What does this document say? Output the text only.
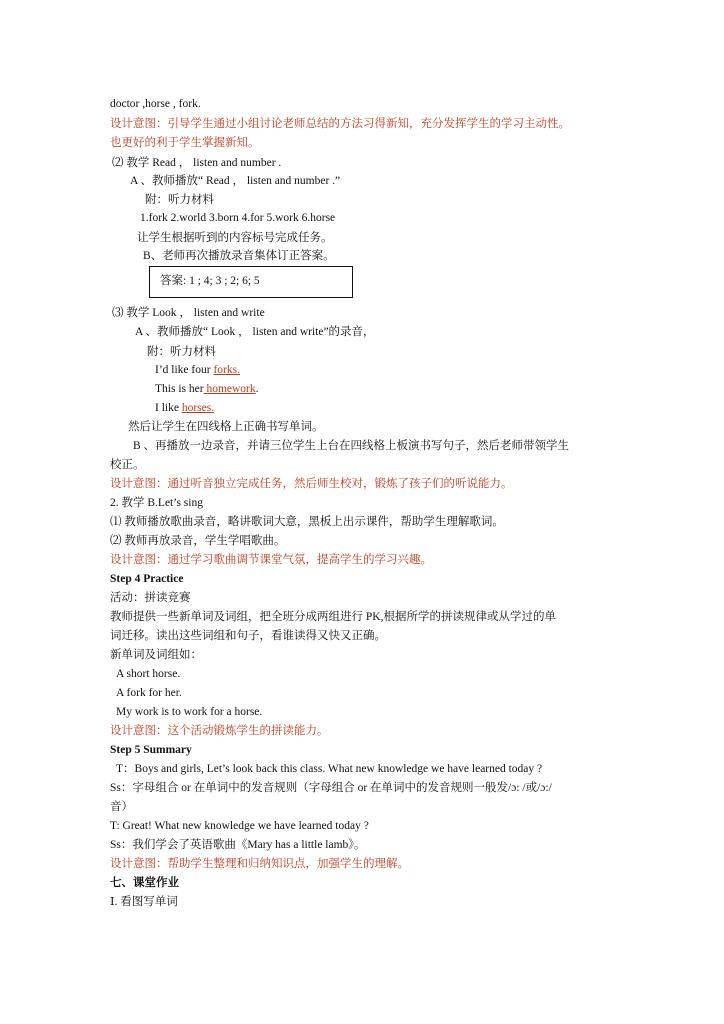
doctor ,horse , fork.
设计意图：引导学生通过小组讨论老师总结的方法习得新知，充分发挥学生的学习主动性。
也更好的利于学生掌握新知。
⑵ 教学 Read ， listen and number .
A 、教师播放“ Read ， listen and number .”
附：听力材料
1.fork 2.world 3.born 4.for 5.work 6.horse
让学生根据听到的内容标号完成任务。
B、老师再次播放录音集体订正答案。
答案: 1 ; 4; 3 ; 2; 6; 5
⑶ 教学 Look ， listen and write
A 、教师播放“ Look ， listen and write”的录音，
附：听力材料
I’d like four forks.
This is her homework.
I like horses.
然后让学生在四线格上正确书写单词。
B 、再播放一边录音，并请三位学生上台在四线格上板演书写句子，然后老师带领学生
校正。
设计意图：通过听音独立完成任务，然后师生校对，锻炼了孩子们的听说能力。
2. 教学 B.Let’s sing
⑴ 教师播放歌曲录音，略讲歌词大意，黑板上出示课件，帮助学生理解歌词。
⑵ 教师再放录音，学生学唱歌曲。
设计意图：通过学习歌曲调节课堂气氛，提高学生的学习兴趣。
Step 4 Practice
活动：拼读竞赛
教师提供一些新单词及词组，把全班分成两组进行 PK,根据所学的拼读规律或从学过的单
词迁移。读出这些词组和句子，看谁读得又快又正确。
新单词及词组如：
A short horse.
A fork for her.
My work is to work for a horse.
设计意图：这个活动锻炼学生的拼读能力。
Step 5 Summary
T：Boys and girls, Let’s look back this class. What new knowledge we have learned today ?
Ss：字母组合 or 在单词中的发音规则（字母组合 or 在单词中的发音规则一般发/ɔ: /或/ɔ:/
音）
T: Great! What new knowledge we have learned today ?
Ss：我们学会了英语歌曲《Mary has a little lamb》。
设计意图：帮助学生整理和归纳知识点，加强学生的理解。
七、课堂作业
Ⅰ. 看图写单词
